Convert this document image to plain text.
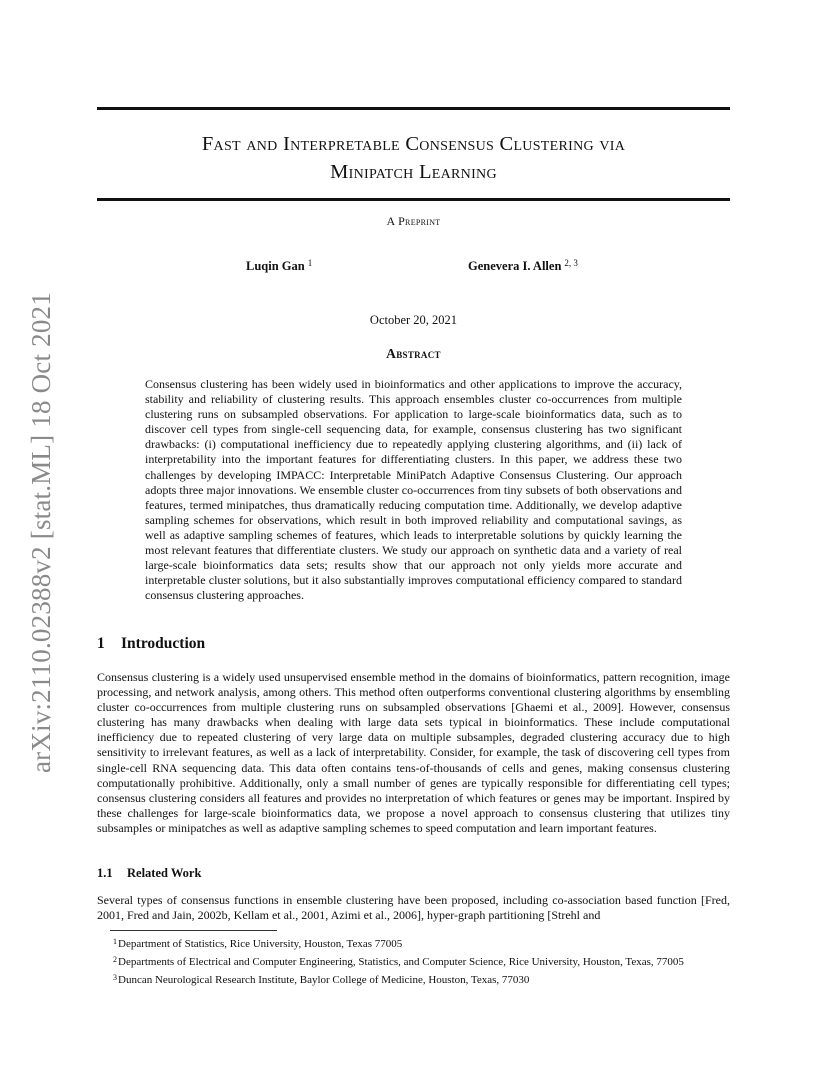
arXiv:2110.02388v2 [stat.ML] 18 Oct 2021
Fast and Interpretable Consensus Clustering via
Minipatch Learning
A Preprint
Luqin Gan $^1$	Genevera I. Allen $^{2, 3}$
October 20, 2021
Abstract
Consensus clustering has been widely used in bioinformatics and other applications to improve the accuracy, stability and reliability of clustering results. This approach ensembles cluster co-occurrences from multiple clustering runs on subsampled observations. For application to large-scale bioinformatics data, such as to discover cell types from single-cell sequencing data, for example, consensus clustering has two significant drawbacks: (i) computational inefficiency due to repeatedly applying clustering algorithms, and (ii) lack of interpretability into the important features for differentiating clusters. In this paper, we address these two challenges by developing IMPACC: Interpretable MiniPatch Adaptive Consensus Clustering. Our approach adopts three major innovations. We ensemble cluster co-occurrences from tiny subsets of both observations and features, termed minipatches, thus dramatically reducing computation time. Additionally, we develop adaptive sampling schemes for observations, which result in both improved reliability and computational savings, as well as adaptive sampling schemes of features, which leads to interpretable solutions by quickly learning the most relevant features that differentiate clusters. We study our approach on synthetic data and a variety of real large-scale bioinformatics data sets; results show that our approach not only yields more accurate and interpretable cluster solutions, but it also substantially improves computational efficiency compared to standard consensus clustering approaches.
1 Introduction
Consensus clustering is a widely used unsupervised ensemble method in the domains of bioinformatics, pattern recognition, image processing, and network analysis, among others. This method often outperforms conventional clustering algorithms by ensembling cluster co-occurrences from multiple clustering runs on subsampled observations [Ghaemi et al., 2009]. However, consensus clustering has many drawbacks when dealing with large data sets typical in bioinformatics. These include computational inefficiency due to repeated clustering of very large data on multiple subsamples, degraded clustering accuracy due to high sensitivity to irrelevant features, as well as a lack of interpretability. Consider, for example, the task of discovering cell types from single-cell RNA sequencing data. This data often contains tens-of-thousands of cells and genes, making consensus clustering computationally prohibitive. Additionally, only a small number of genes are typically responsible for differentiating cell types; consensus clustering considers all features and provides no interpretation of which features or genes may be important. Inspired by these challenges for large-scale bioinformatics data, we propose a novel approach to consensus clustering that utilizes tiny subsamples or minipatches as well as adaptive sampling schemes to speed computation and learn important features.
1.1 Related Work
Several types of consensus functions in ensemble clustering have been proposed, including co-association based function [Fred, 2001, Fred and Jain, 2002b, Kellam et al., 2001, Azimi et al., 2006], hyper-graph partitioning [Strehl and
$^1$Department of Statistics, Rice University, Houston, Texas 77005
$^2$Departments of Electrical and Computer Engineering, Statistics, and Computer Science, Rice University, Houston, Texas, 77005
$^3$Duncan Neurological Research Institute, Baylor College of Medicine, Houston, Texas, 77030
